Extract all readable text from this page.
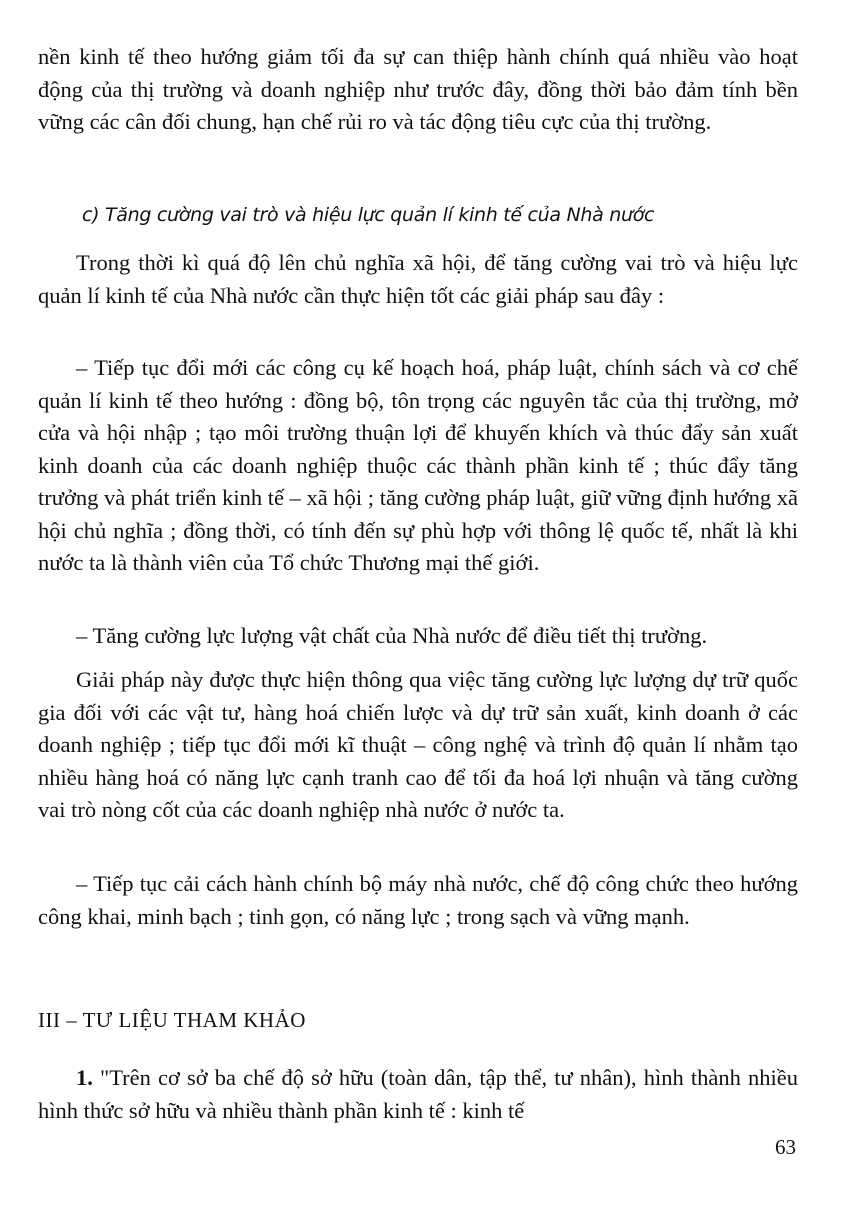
nền kinh tế theo hướng giảm tối đa sự can thiệp hành chính quá nhiều vào hoạt động của thị trường và doanh nghiệp như trước đây, đồng thời bảo đảm tính bền vững các cân đối chung, hạn chế rủi ro và tác động tiêu cực của thị trường.

c) Tăng cường vai trò và hiệu lực quản lí kinh tế của Nhà nước

Trong thời kì quá độ lên chủ nghĩa xã hội, để tăng cường vai trò và hiệu lực quản lí kinh tế của Nhà nước cần thực hiện tốt các giải pháp sau đây :

– Tiếp tục đổi mới các công cụ kế hoạch hoá, pháp luật, chính sách và cơ chế quản lí kinh tế theo hướng : đồng bộ, tôn trọng các nguyên tắc của thị trường, mở cửa và hội nhập ; tạo môi trường thuận lợi để khuyến khích và thúc đẩy sản xuất kinh doanh của các doanh nghiệp thuộc các thành phần kinh tế ; thúc đẩy tăng trưởng và phát triển kinh tế – xã hội ; tăng cường pháp luật, giữ vững định hướng xã hội chủ nghĩa ; đồng thời, có tính đến sự phù hợp với thông lệ quốc tế, nhất là khi nước ta là thành viên của Tổ chức Thương mại thế giới.

– Tăng cường lực lượng vật chất của Nhà nước để điều tiết thị trường.

Giải pháp này được thực hiện thông qua việc tăng cường lực lượng dự trữ quốc gia đối với các vật tư, hàng hoá chiến lược và dự trữ sản xuất, kinh doanh ở các doanh nghiệp ; tiếp tục đổi mới kĩ thuật – công nghệ và trình độ quản lí nhằm tạo nhiều hàng hoá có năng lực cạnh tranh cao để tối đa hoá lợi nhuận và tăng cường vai trò nòng cốt của các doanh nghiệp nhà nước ở nước ta.

– Tiếp tục cải cách hành chính bộ máy nhà nước, chế độ công chức theo hướng công khai, minh bạch ; tinh gọn, có năng lực ; trong sạch và vững mạnh.

III – TƯ LIỆU THAM KHẢO

1. "Trên cơ sở ba chế độ sở hữu (toàn dân, tập thể, tư nhân), hình thành nhiều hình thức sở hữu và nhiều thành phần kinh tế : kinh tế

63
